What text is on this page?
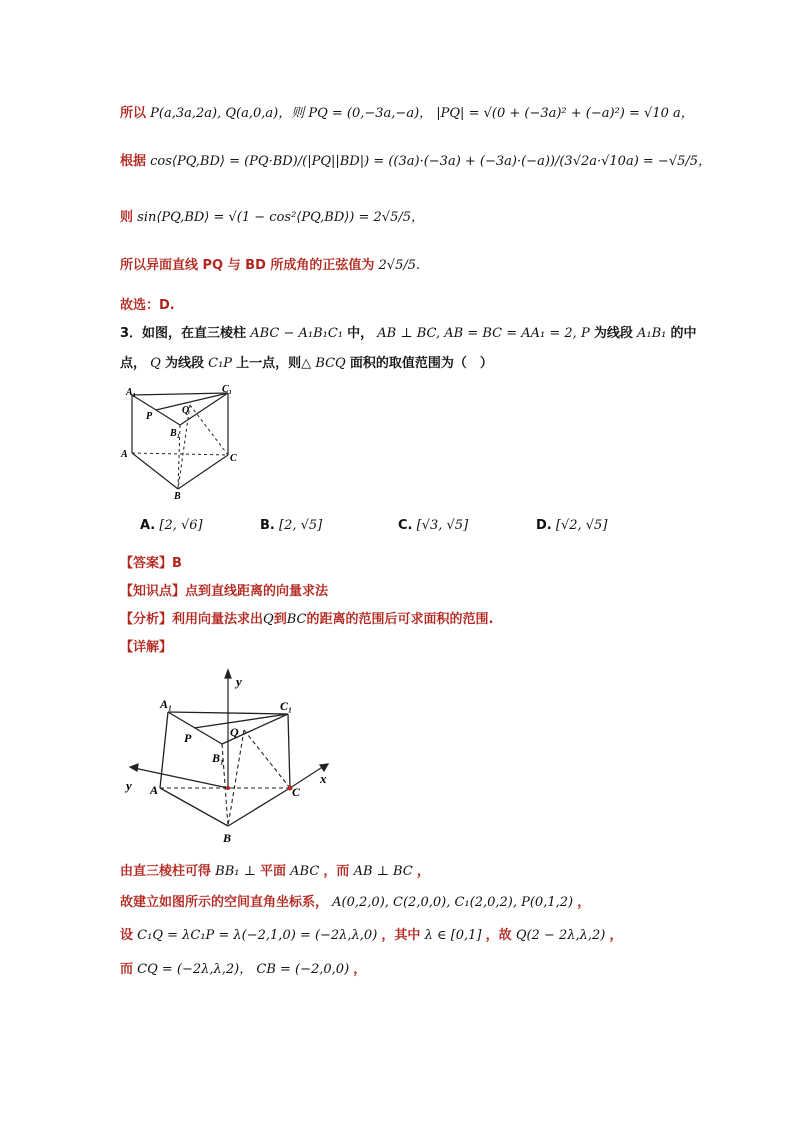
所以 P(a,3a,2a), Q(a,0,a)，则 PQ = (0,−3a,−a)， |PQ| = √(0 + (−3a)² + (−a)²) = √10 a，
根据 cos⟨PQ,BD⟩ = (PQ·BD)/(|PQ||BD|) = ((3a)·(−3a) + (−3a)·(−a))/(3√2a·√10a) = −√5/5，
则 sin⟨PQ,BD⟩ = √(1 − cos²⟨PQ,BD⟩) = 2√5/5，
所以异面直线 PQ 与 BD 所成角的正弦值为 2√5/5.
故选：D.
3．如图，在直三棱柱 ABC − A₁B₁C₁ 中， AB ⊥ BC, AB = BC = AA₁ = 2, P 为线段 A₁B₁ 的中
点， Q 为线段 C₁P 上一点，则△ BCQ 面积的取值范围为（　）
A₁	C₁
P
Q
B₁
A	C
B
A. [2, √6]	B. [2, √5]	C. [√3, √5]	D. [√2, √5]
【答案】B
【知识点】点到直线距离的向量求法
【分析】利用向量法求出Q到BC的距离的范围后可求面积的范围.
【详解】
y
y	x
A₁	C₁
P	Q
B₁
A	C
B
由直三棱柱可得 BB₁ ⊥ 平面 ABC ，而 AB ⊥ BC ，
故建立如图所示的空间直角坐标系， A(0,2,0), C(2,0,0), C₁(2,0,2), P(0,1,2) ，
设 C₁Q = λC₁P = λ(−2,1,0) = (−2λ,λ,0) ，其中 λ ∈ [0,1] ，故 Q(2 − 2λ,λ,2) ，
而 CQ = (−2λ,λ,2)， CB = (−2,0,0) ，
